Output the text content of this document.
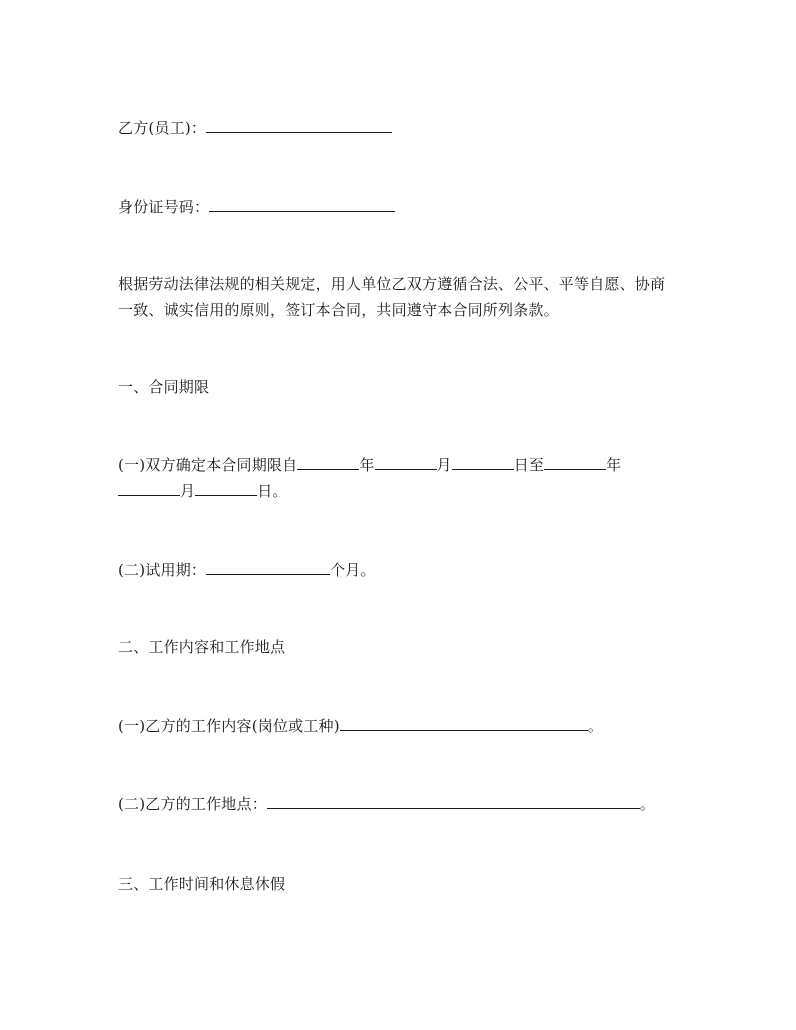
乙方(员工)：
身份证号码：
根据劳动法律法规的相关规定，用人单位乙双方遵循合法、公平、平等自愿、协商
一致、诚实信用的原则，签订本合同，共同遵守本合同所列条款。
一、合同期限
(一)双方确定本合同期限自	年	月	日至	年
月	日。
(二)试用期：	个月。
二、工作内容和工作地点
(一)乙方的工作内容(岗位或工种)	。
(二)乙方的工作地点：	。
三、工作时间和休息休假
